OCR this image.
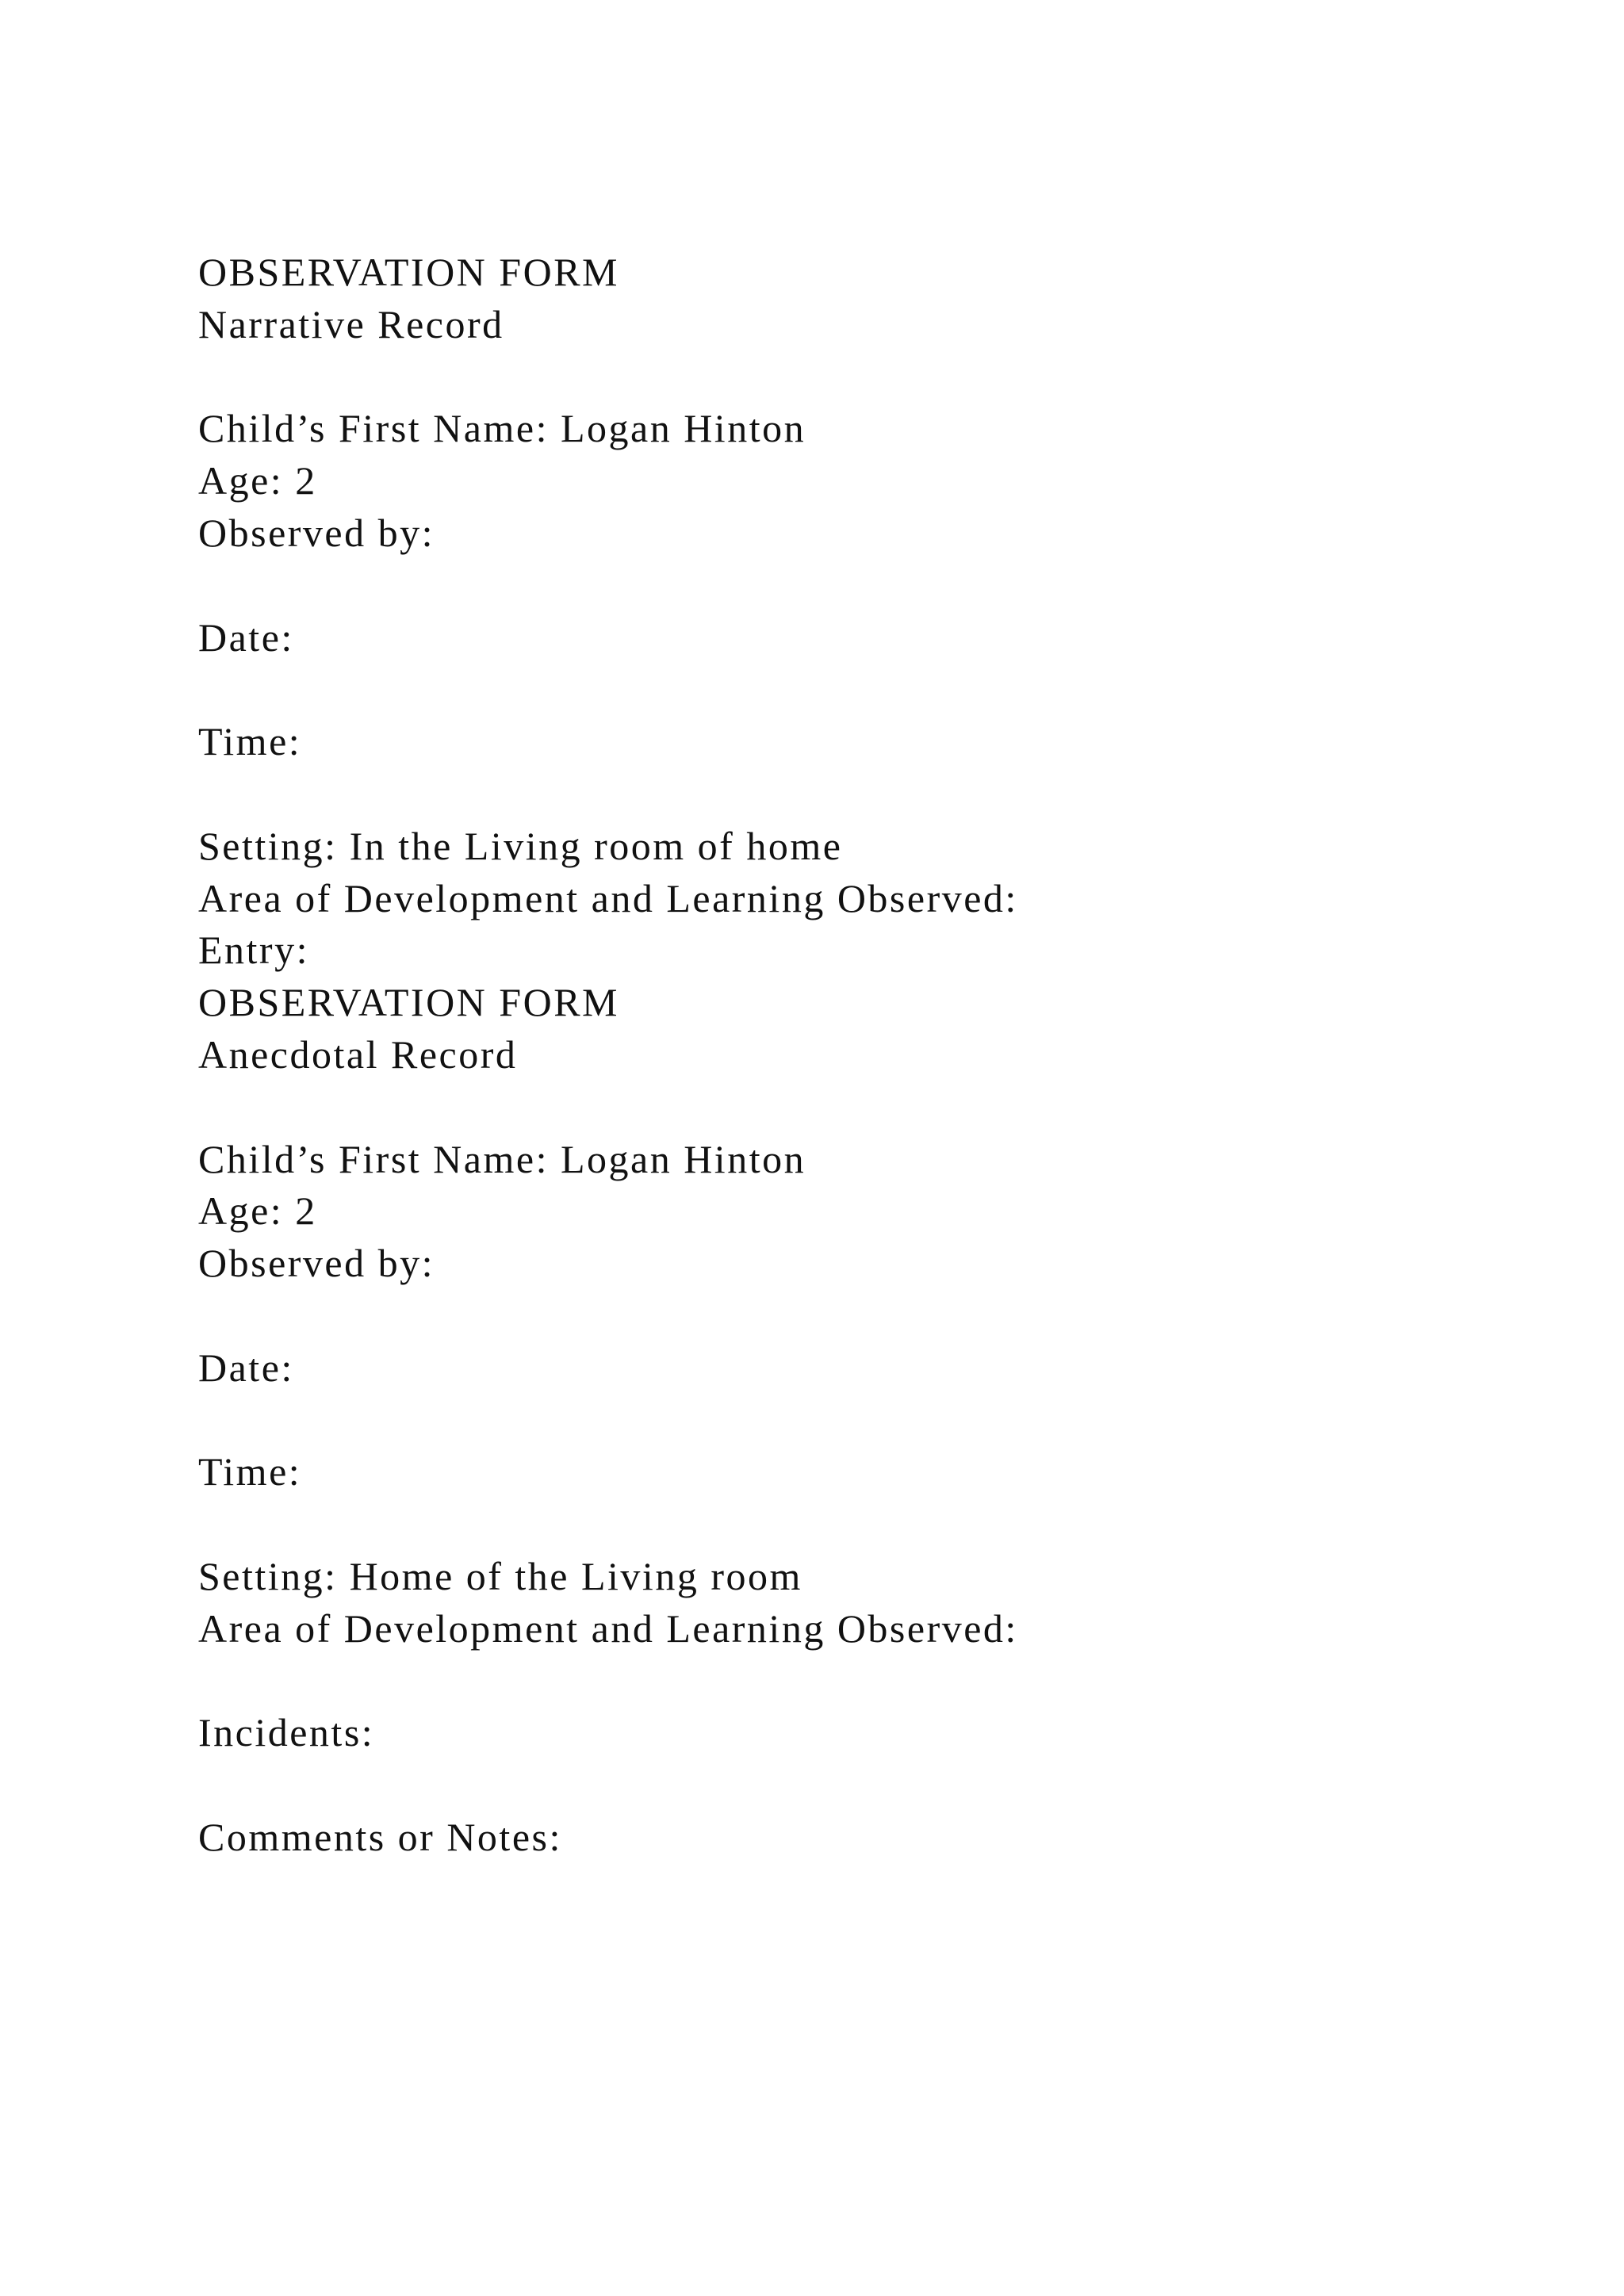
OBSERVATION FORM
Narrative Record
Child’s First Name: Logan Hinton
Age: 2
Observed by:
Date:
Time:
Setting: In the Living room of home
Area of Development and Learning Observed:
Entry:
OBSERVATION FORM
Anecdotal Record
Child’s First Name: Logan Hinton
Age: 2
Observed by:
Date:
Time:
Setting: Home of the Living room
Area of Development and Learning Observed:
Incidents:
Comments or Notes:
